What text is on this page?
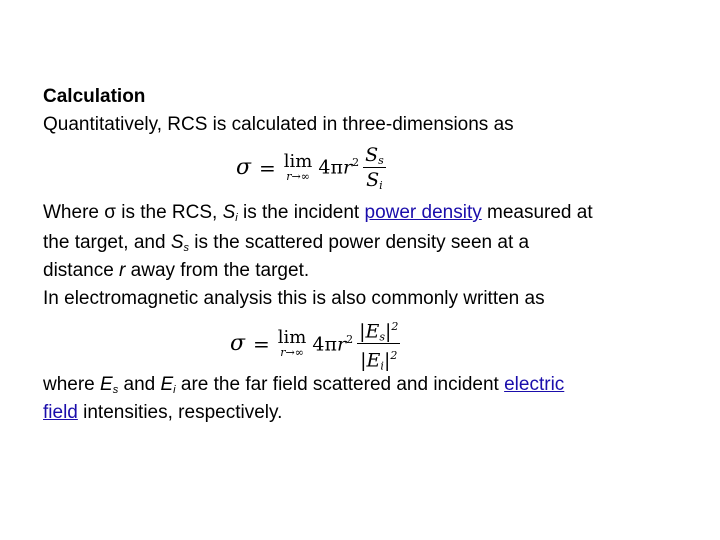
Calculation
Quantitatively, RCS is calculated in three-dimensions as
σ = lim
r→∞ $4\pi r^2 \frac{S_s}{S_i}$
Where σ is the RCS, $S_i$ is the incident power density measured at
the target, and $S_s$ is the scattered power density seen at a
distance r away from the target.
In electromagnetic analysis this is also commonly written as
σ = lim
r→∞ $4\pi r^2 \frac{|E_s|^2}{|E_i|^2}$
where $E_s$ and $E_i$ are the far field scattered and incident electric
field intensities, respectively.
